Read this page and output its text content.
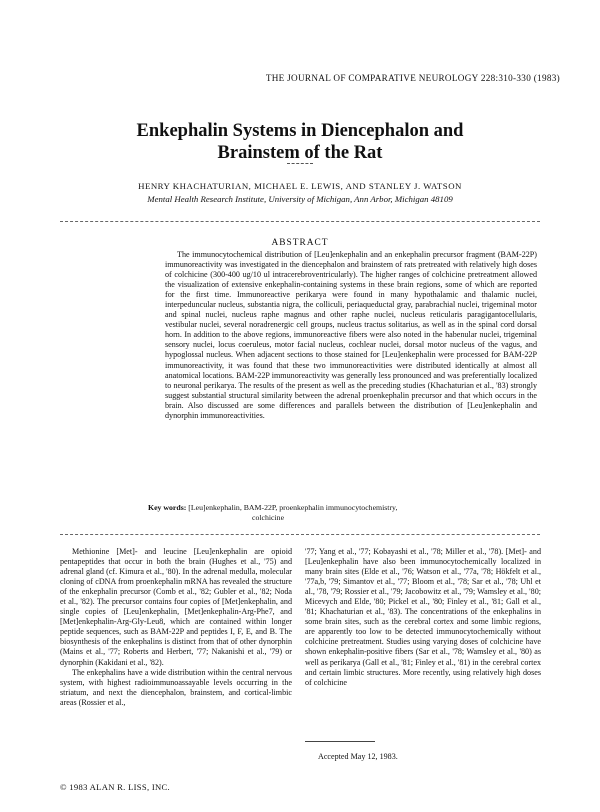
THE JOURNAL OF COMPARATIVE NEUROLOGY 228:310-330 (1983)
Enkephalin Systems in Diencephalon and
Brainstem of the Rat
HENRY KHACHATURIAN, MICHAEL E. LEWIS, AND STANLEY J. WATSON
Mental Health Research Institute, University of Michigan, Ann Arbor, Michigan 48109
ABSTRACT

The immunocytochemical distribution of [Leu]enkephalin and an enkephalin precursor fragment (BAM-22P) immunoreactivity was investigated in the diencephalon and brainstem of rats pretreated with relatively high doses of colchicine (300-400 ug/10 ul intracerebroventricularly). The higher ranges of colchicine pretreatment allowed the visualization of extensive enkephalin-containing systems in these brain regions, some of which are reported for the first time. Immunoreactive perikarya were found in many hypothalamic and thalamic nuclei, interpeduncular nucleus, substantia nigra, the colliculi, periaqueductal gray, parabrachial nuclei, trigeminal motor and spinal nuclei, nucleus raphe magnus and other raphe nuclei, nucleus reticularis paragigantocellularis, vestibular nuclei, several noradrenergic cell groups, nucleus tractus solitarius, as well as in the spinal cord dorsal horn. In addition to the above regions, immunoreactive fibers were also noted in the habenular nuclei, trigeminal sensory nuclei, locus coeruleus, motor facial nucleus, cochlear nuclei, dorsal motor nucleus of the vagus, and hypoglossal nucleus. When adjacent sections to those stained for [Leu]enkephalin were processed for BAM-22P immunoreactivity, it was found that these two immunoreactivities were distributed identically at almost all anatomical locations. BAM-22P immunoreactivity was generally less pronounced and was preferentially localized to neuronal perikarya. The results of the present as well as the preceding studies (Khachaturian et al., '83) strongly suggest substantial structural similarity between the adrenal proenkephalin precursor and that which occurs in the brain. Also discussed are some differences and parallels between the distribution of [Leu]enkephalin and dynorphin immunoreactivities.

Key words: [Leu]enkephalin, BAM-22P, proenkephalin immunocytochemistry,
colchicine

Methionine [Met]- and leucine [Leu]enkephalin are opioid pentapeptides that occur in both the brain (Hughes et al., '75) and adrenal gland (cf. Kimura et al., '80). In the adrenal medulla, molecular cloning of cDNA from proenkephalin mRNA has revealed the structure of the enkephalin precursor (Comb et al., '82; Gubler et al., '82; Noda et al., '82). The precursor contains four copies of [Met]enkephalin, and single copies of [Leu]enkephalin, [Met]enkephalin-Arg-Phe7, and [Met]enkephalin-Arg-Gly-Leu8, which are contained within longer peptide sequences, such as BAM-22P and peptides I, F, E, and B. The biosynthesis of the enkephalins is distinct from that of other dynorphin (Mains et al., '77; Roberts and Herbert, '77; Nakanishi et al., '79) or dynorphin (Kakidani et al., '82).

The enkephalins have a wide distribution within the central nervous system, with highest radioimmunoassayable levels occurring in the striatum, and next the diencephalon, brainstem, and cortical-limbic areas (Rossier et al.,

'77; Yang et al., '77; Kobayashi et al., '78; Miller et al., '78). [Met]- and [Leu]enkephalin have also been immunocytochemically localized in many brain sites (Elde et al., '76; Watson et al., '77a, '78; Hökfelt et al., '77a,b, '79; Simantov et al., '77; Bloom et al., '78; Sar et al., '78; Uhl et al., '78, '79; Rossier et al., '79; Jacobowitz et al., '79; Wamsley et al., '80; Micevych and Elde, '80; Pickel et al., '80; Finley et al., '81; Gall et al., '81; Khachaturian et al., '83). The concentrations of the enkephalins in some brain sites, such as the cerebral cortex and some limbic regions, are apparently too low to be detected immunocytochemically without colchicine pretreatment. Studies using varying doses of colchicine have shown enkephalin-positive fibers (Sar et al., '78; Wamsley et al., '80) as well as perikarya (Gall et al., '81; Finley et al., '81) in the cerebral cortex and certain limbic structures. More recently, using relatively high doses of colchicine

Accepted May 12, 1983.
© 1983 ALAN R. LISS, INC.
